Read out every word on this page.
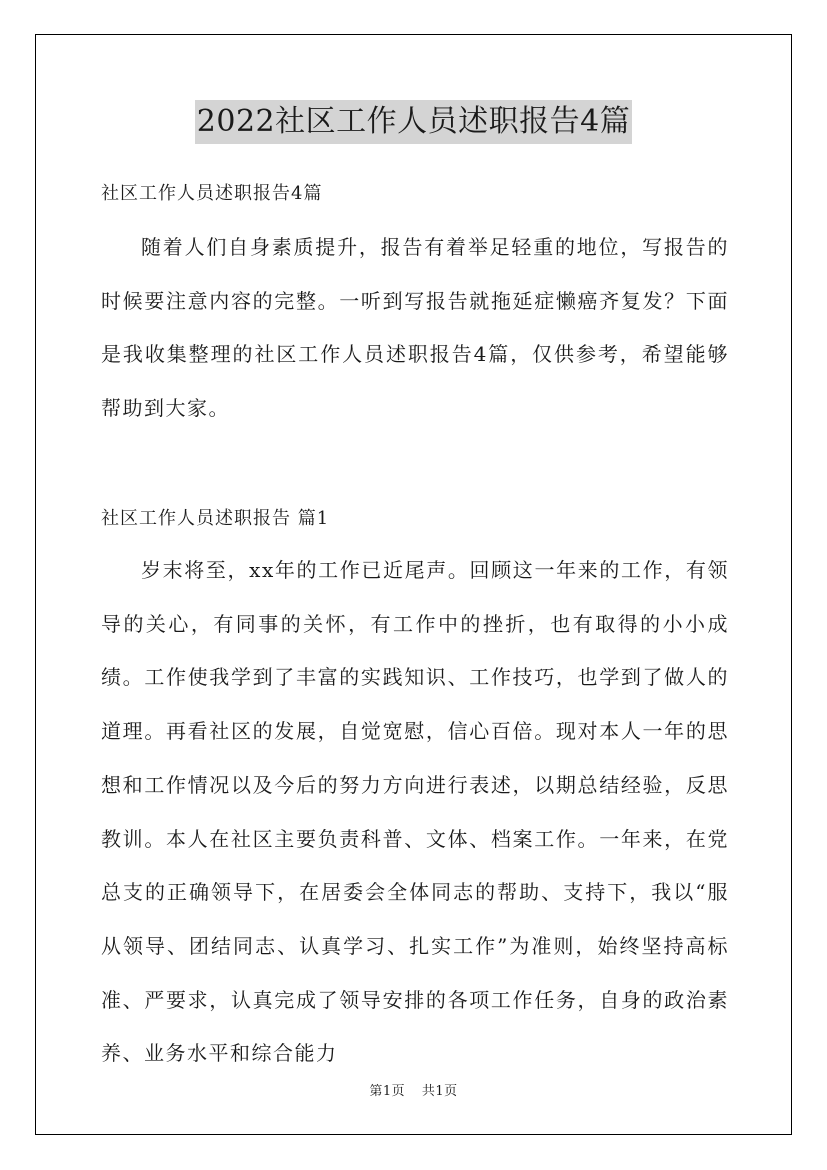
2022社区工作人员述职报告4篇
社区工作人员述职报告4篇

随着人们自身素质提升，报告有着举足轻重的地位，写报告的时候要注意内容的完整。一听到写报告就拖延症懒癌齐复发？下面是我收集整理的社区工作人员述职报告4篇，仅供参考，希望能够帮助到大家。

社区工作人员述职报告 篇1

岁末将至，xx年的工作已近尾声。回顾这一年来的工作，有领导的关心，有同事的关怀，有工作中的挫折，也有取得的小小成绩。工作使我学到了丰富的实践知识、工作技巧，也学到了做人的道理。再看社区的发展，自觉宽慰，信心百倍。现对本人一年的思想和工作情况以及今后的努力方向进行表述，以期总结经验，反思教训。本人在社区主要负责科普、文体、档案工作。一年来，在党总支的正确领导下，在居委会全体同志的帮助、支持下，我以“服从领导、团结同志、认真学习、扎实工作”为准则，始终坚持高标准、严要求，认真完成了领导安排的各项工作任务，自身的政治素养、业务水平和综合能力

第1页 共1页
